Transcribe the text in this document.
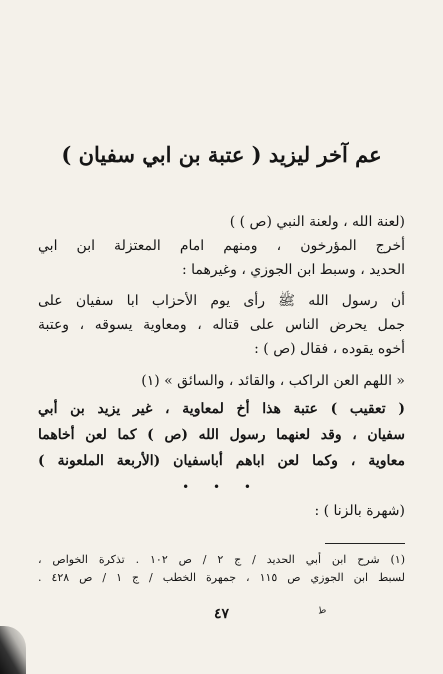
عم آخر ليزيد ( عتبة بن ابي سفيان )
(لعنة الله ، ولعنة النبي (ص ) )
أخرج المؤرخون ، ومنهم امام المعتزلة ابن ابي
الحديد ، وسبط ابن الجوزي ، وغيرهما :
أن رسول الله ﷺ رأى يوم الأحزاب ابا سفيان على
جمل يحرض الناس على قتاله ، ومعاوية يسوقه ، وعتبة
أخوه يقوده ، فقال (ص ) :
« اللهم العن الراكب ، والقائد ، والسائق » (١)
( تعقيب ) عتبة هذا أخ لمعاوية ، غير يزيد بن أبي
سفيان ، وقد لعنهما رسول الله (ص ) كما لعن أخاهما
معاوية ، وكما لعن اباهم أباسفيان (الأربعة الملعونة )
• • •
(شهرة بالزنا ) :
(١) شرح ابن أبي الحديد / ج ٢ / ص ١٠٢ . تذكرة الخواص ،
لسبط ابن الجوزي ص ١١٥ ، جمهرة الخطب / ج ١ / ص ٤٢٨ .
ط
٤٧
